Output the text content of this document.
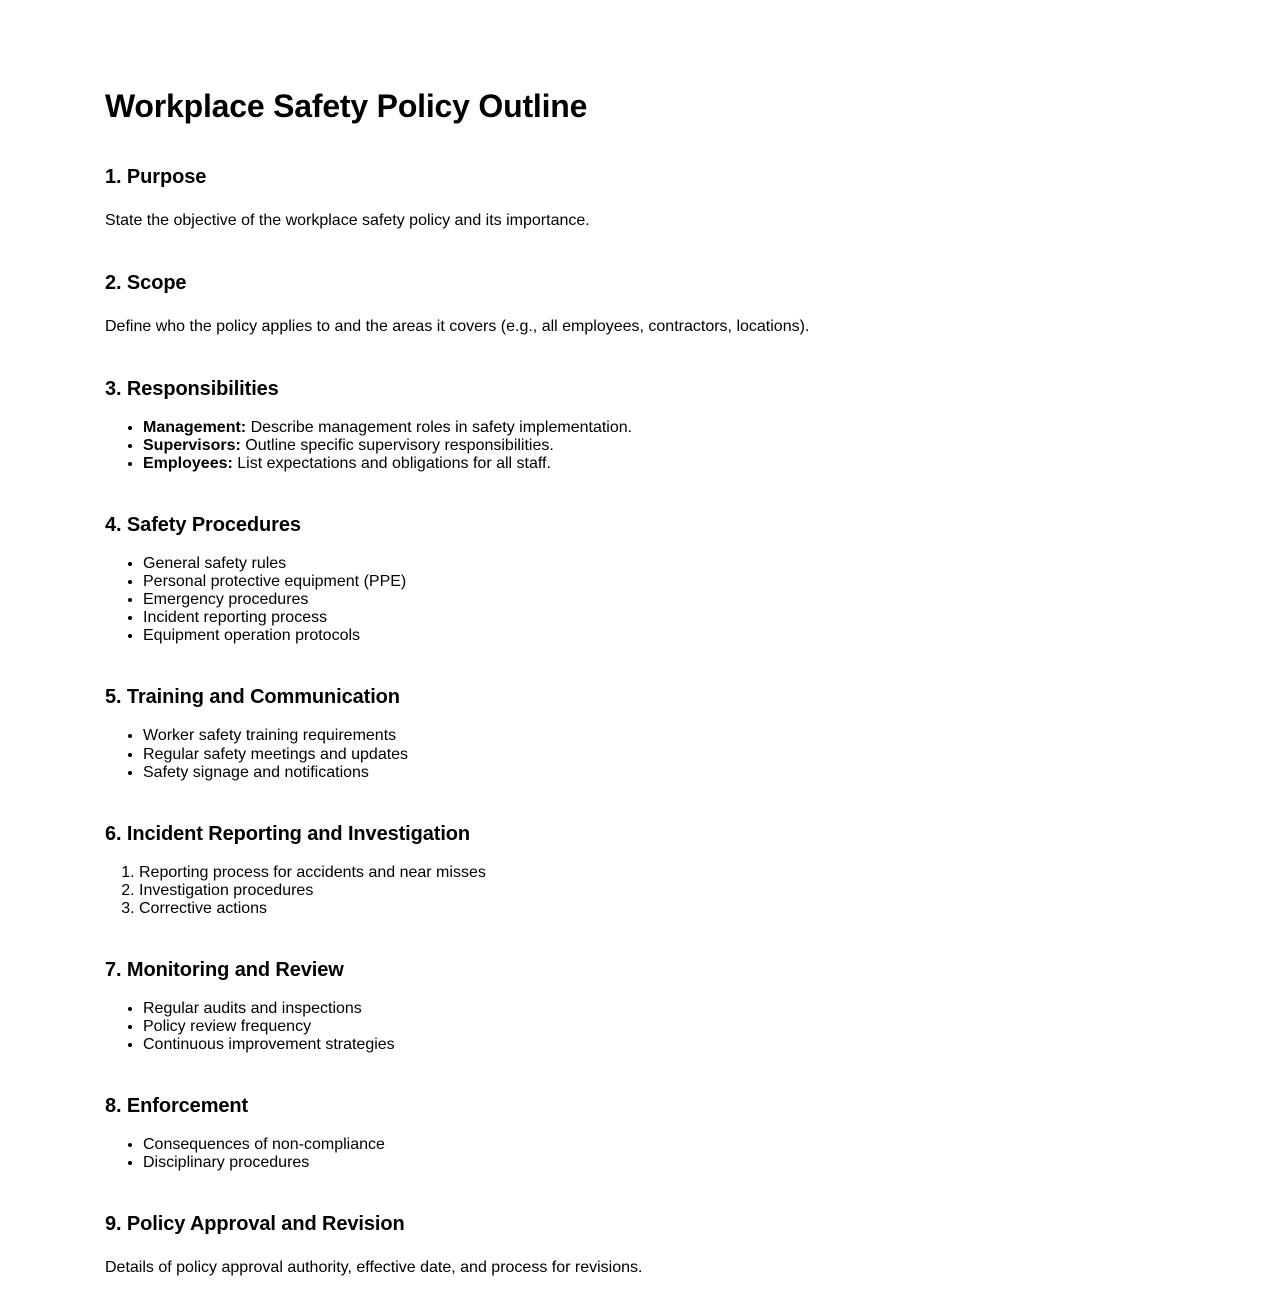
Workplace Safety Policy Outline
1. Purpose

State the objective of the workplace safety policy and its importance.

2. Scope

Define who the policy applies to and the areas it covers (e.g., all employees, contractors, locations).

3. Responsibilities
• Management: Describe management roles in safety implementation.
• Supervisors: Outline specific supervisory responsibilities.
• Employees: List expectations and obligations for all staff.
4. Safety Procedures
• General safety rules
• Personal protective equipment (PPE)
• Emergency procedures
• Incident reporting process
• Equipment operation protocols
5. Training and Communication
• Worker safety training requirements
• Regular safety meetings and updates
• Safety signage and notifications
6. Incident Reporting and Investigation
1. Reporting process for accidents and near misses
2. Investigation procedures
3. Corrective actions
7. Monitoring and Review
• Regular audits and inspections
• Policy review frequency
• Continuous improvement strategies
8. Enforcement
• Consequences of non-compliance
• Disciplinary procedures
9. Policy Approval and Revision

Details of policy approval authority, effective date, and process for revisions.
